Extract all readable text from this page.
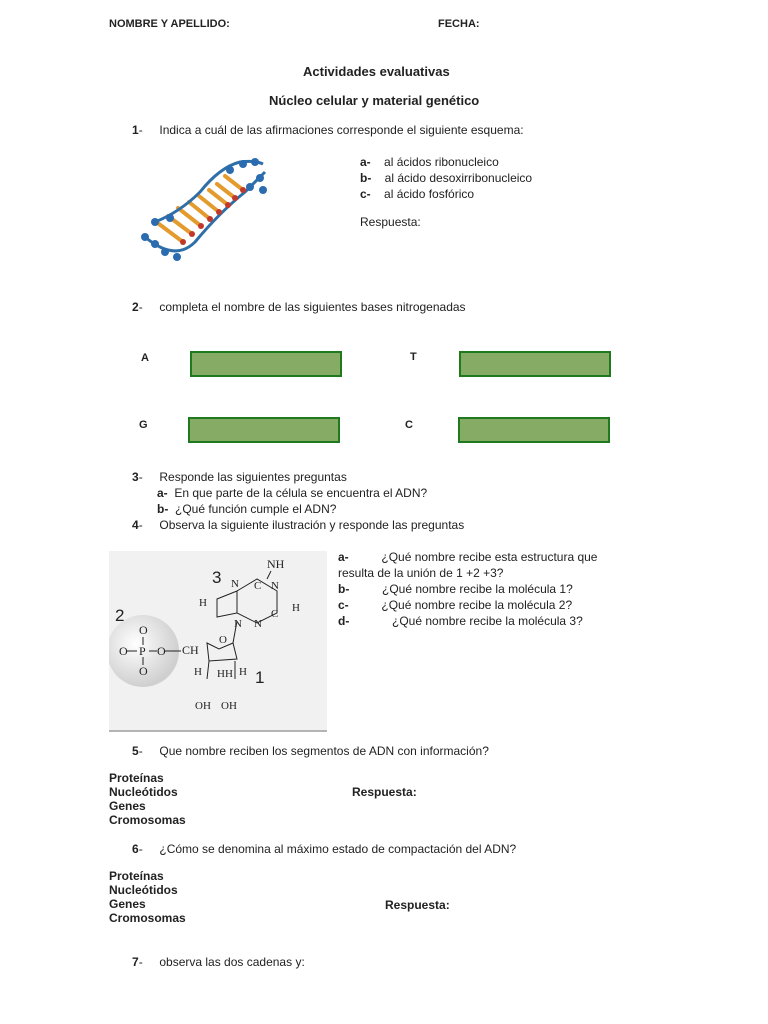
NOMBRE Y APELLIDO:	FECHA:
Actividades evaluativas
Núcleo celular y material genético
1-     Indica a cuál de las afirmaciones corresponde el siguiente esquema:
a- al ácidos ribonucleico
b- al ácido desoxirribonucleico
c- al ácido fosfórico
Respuesta:
2-     completa el nombre de las siguientes bases nitrogenadas
A	T
G	C
3-     Responde las siguientes preguntas
a- En que parte de la célula se encuentra el ADN?
b- ¿Qué función cumple el ADN?
4-     Observa la siguiente ilustración y responde las preguntas
O
O P O
O
CH
NH
O
H H H H
OH OH
N
C N
C
N
N
H	H
3
2
1
a-	¿Qué nombre recibe esta estructura que
resulta de la unión de 1 +2 +3?
b-	¿Qué nombre recibe la molécula 1?
c-	¿Qué nombre recibe la molécula 2?
d-	¿Qué nombre recibe la molécula 3?
5-     Que nombre reciben los segmentos de ADN con información?
Proteínas
Nucleótidos
Genes
Cromosomas
Respuesta:
6-     ¿Cómo se denomina al máximo estado de compactación del ADN?
Proteínas
Nucleótidos
Genes
Cromosomas
Respuesta:
7-     observa las dos cadenas y:
